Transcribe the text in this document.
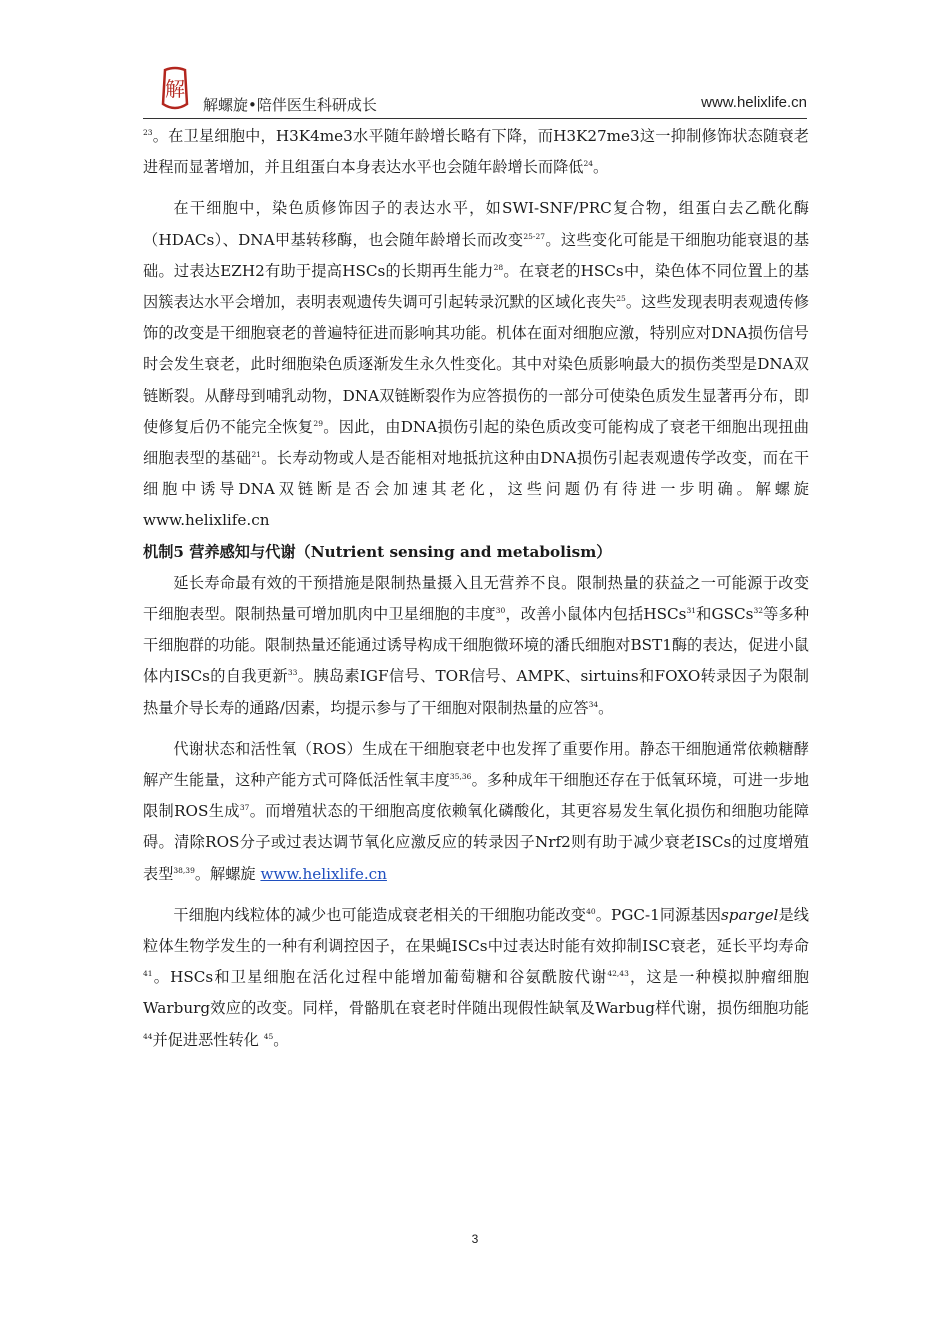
解
解螺旋•陪伴医生科研成长	www.helixlife.cn

$^{23}$。在卫星细胞中，H3K4me3水平随年龄增长略有下降，而H3K27me3这一抑制修饰状态随衰老进程而显著增加，并且组蛋白本身表达水平也会随年龄增长而降低$^{24}$。

在干细胞中，染色质修饰因子的表达水平，如SWI-SNF/PRC复合物，组蛋白去乙酰化酶（HDACs）、DNA甲基转移酶，也会随年龄增长而改变$^{25-27}$。这些变化可能是干细胞功能衰退的基础。过表达EZH2有助于提高HSCs的长期再生能力$^{28}$。在衰老的HSCs中，染色体不同位置上的基因簇表达水平会增加，表明表观遗传失调可引起转录沉默的区域化丧失$^{25}$。这些发现表明表观遗传修饰的改变是干细胞衰老的普遍特征进而影响其功能。机体在面对细胞应激，特别应对DNA损伤信号时会发生衰老，此时细胞染色质逐渐发生永久性变化。其中对染色质影响最大的损伤类型是DNA双链断裂。从酵母到哺乳动物，DNA双链断裂作为应答损伤的一部分可使染色质发生显著再分布，即使修复后仍不能完全恢复$^{29}$。因此，由DNA损伤引起的染色质改变可能构成了衰老干细胞出现扭曲细胞表型的基础$^{21}$。长寿动物或人是否能相对地抵抗这种由DNA损伤引起表观遗传学改变，而在干细胞中诱导DNA双链断是否会加速其老化，这些问题仍有待进一步明确。解螺旋 www.helixlife.cn

机制5 营养感知与代谢（Nutrient sensing and metabolism）

延长寿命最有效的干预措施是限制热量摄入且无营养不良。限制热量的获益之一可能源于改变干细胞表型。限制热量可增加肌肉中卫星细胞的丰度$^{30}$，改善小鼠体内包括HSCs$^{31}$和GSCs$^{32}$等多种干细胞群的功能。限制热量还能通过诱导构成干细胞微环境的潘氏细胞对BST1酶的表达，促进小鼠体内ISCs的自我更新$^{33}$。胰岛素IGF信号、TOR信号、AMPK、sirtuins和FOXO转录因子为限制热量介导长寿的通路/因素，均提示参与了干细胞对限制热量的应答$^{34}$。

代谢状态和活性氧（ROS）生成在干细胞衰老中也发挥了重要作用。静态干细胞通常依赖糖酵解产生能量，这种产能方式可降低活性氧丰度$^{35,36}$。多种成年干细胞还存在于低氧环境，可进一步地限制ROS生成$^{37}$。而增殖状态的干细胞高度依赖氧化磷酸化，其更容易发生氧化损伤和细胞功能障碍。清除ROS分子或过表达调节氧化应激反应的转录因子Nrf2则有助于减少衰老ISCs的过度增殖表型$^{38,39}$。解螺旋 www.helixlife.cn

干细胞内线粒体的减少也可能造成衰老相关的干细胞功能改变$^{40}$。PGC-1同源基因spargel是线粒体生物学发生的一种有利调控因子，在果蝇ISCs中过表达时能有效抑制ISC衰老，延长平均寿命$^{41}$。HSCs和卫星细胞在活化过程中能增加葡萄糖和谷氨酰胺代谢$^{42,43}$，这是一种模拟肿瘤细胞Warburg效应的改变。同样，骨骼肌在衰老时伴随出现假性缺氧及Warbug样代谢，损伤细胞功能$^{44}$并促进恶性转化 $^{45}$。

3
